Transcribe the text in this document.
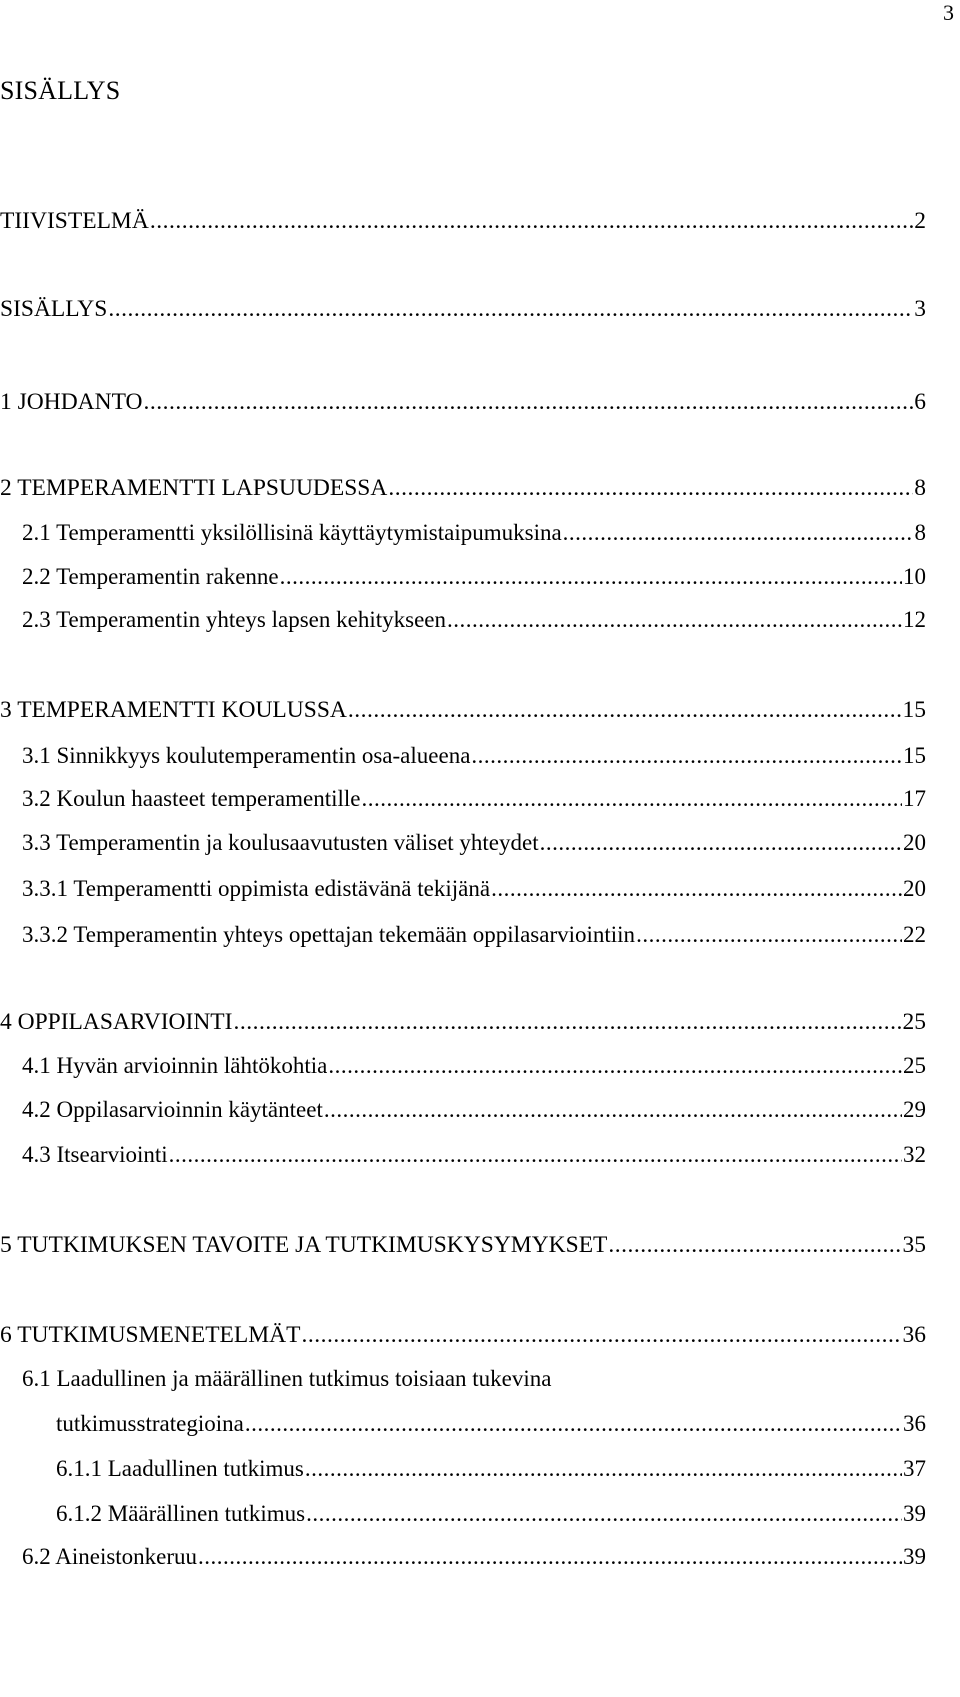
3
SISÄLLYS
TIIVISTELMÄ .....	2
SISÄLLYS .....	3
1 JOHDANTO .....	6
2 TEMPERAMENTTI LAPSUUDESSA .....	8
2.1 Temperamentti yksilöllisinä käyttäytymistaipumuksina .....	8
2.2 Temperamentin rakenne .....	10
2.3 Temperamentin yhteys lapsen kehitykseen .....	12
3 TEMPERAMENTTI KOULUSSA .....	15
3.1 Sinnikkyys koulutemperamentin osa-alueena .....	15
3.2 Koulun haasteet temperamentille .....	17
3.3 Temperamentin ja koulusaavutusten väliset yhteydet .....	20
3.3.1 Temperamentti oppimista edistävänä tekijänä .....	20
3.3.2 Temperamentin yhteys opettajan tekemään oppilasarviointiin .....	22
4 OPPILASARVIOINTI .....	25
4.1 Hyvän arvioinnin lähtökohtia .....	25
4.2 Oppilasarvioinnin käytänteet .....	29
4.3 Itsearviointi .....	32
5 TUTKIMUKSEN TAVOITE JA TUTKIMUSKYSYMYKSET .....	35
6 TUTKIMUSMENETELMÄT .....	36
6.1 Laadullinen ja määrällinen tutkimus toisiaan tukevina
tutkimusstrategioina .....	36
6.1.1 Laadullinen tutkimus .....	37
6.1.2 Määrällinen tutkimus .....	39
6.2 Aineistonkeruu .....	39
